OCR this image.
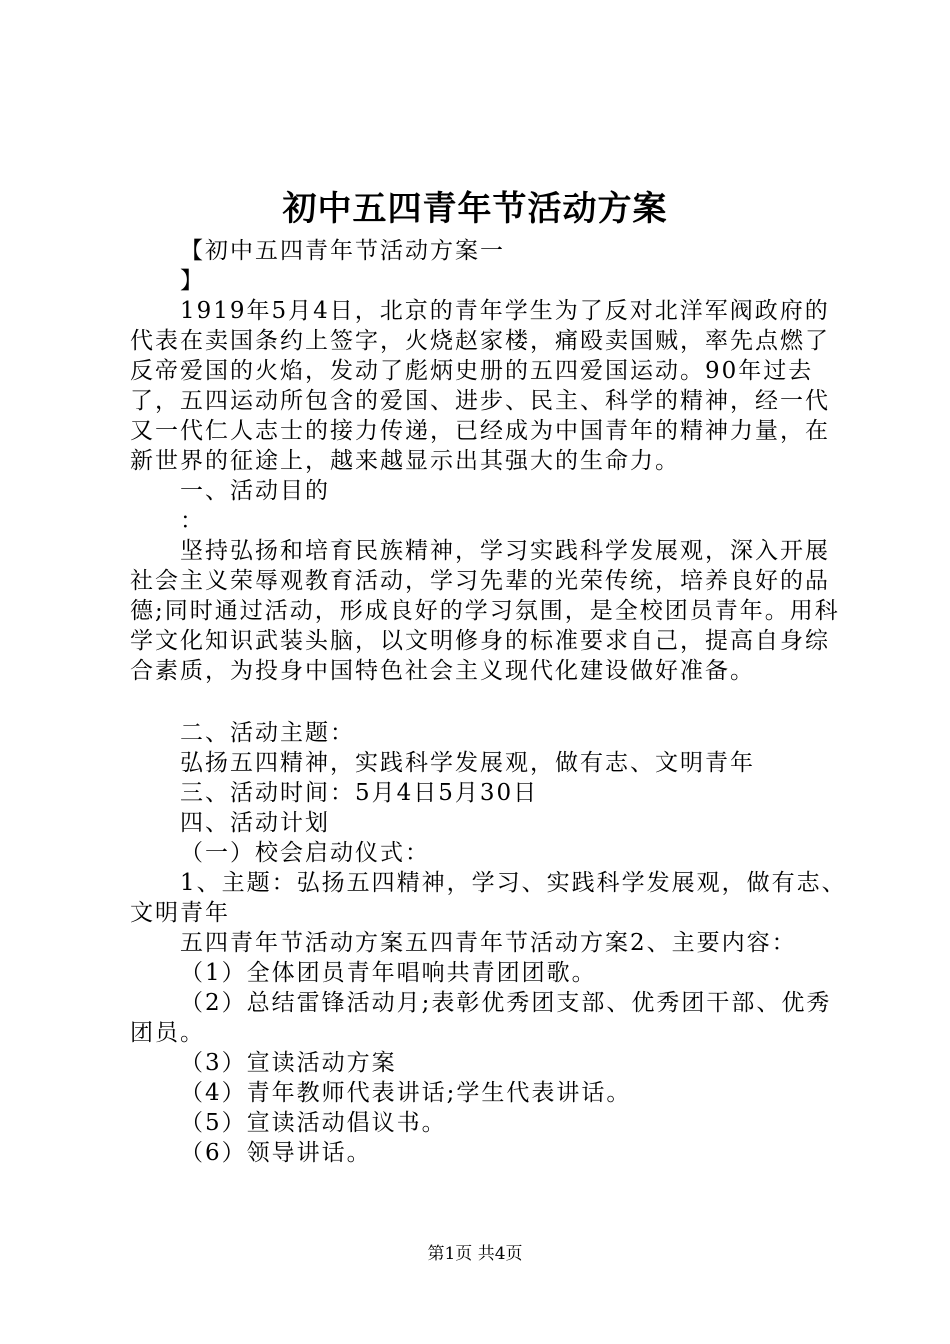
初中五四青年节活动方案

【初中五四青年节活动方案一

】

1919年5月4日，北京的青年学生为了反对北洋军阀政府的代表在卖国条约上签字，火烧赵家楼，痛殴卖国贼，率先点燃了反帝爱国的火焰，发动了彪炳史册的五四爱国运动。90年过去了，五四运动所包含的爱国、进步、民主、科学的精神，经一代又一代仁人志士的接力传递，已经成为中国青年的精神力量，在新世界的征途上，越来越显示出其强大的生命力。

一、活动目的

：

坚持弘扬和培育民族精神，学习实践科学发展观，深入开展社会主义荣辱观教育活动，学习先辈的光荣传统，培养良好的品德;同时通过活动，形成良好的学习氛围，是全校团员青年。用科学文化知识武装头脑，以文明修身的标准要求自己，提高自身综合素质，为投身中国特色社会主义现代化建设做好准备。

二、活动主题：

弘扬五四精神，实践科学发展观，做有志、文明青年

三、活动时间：5月4日5月30日

四、活动计划

（一）校会启动仪式：

1、主题：弘扬五四精神，学习、实践科学发展观，做有志、文明青年

五四青年节活动方案五四青年节活动方案2、主要内容：

（1）全体团员青年唱响共青团团歌。

（2）总结雷锋活动月;表彰优秀团支部、优秀团干部、优秀团员。

（3）宣读活动方案

（4）青年教师代表讲话;学生代表讲话。

（5）宣读活动倡议书。

（6）领导讲话。

第1页 共4页
